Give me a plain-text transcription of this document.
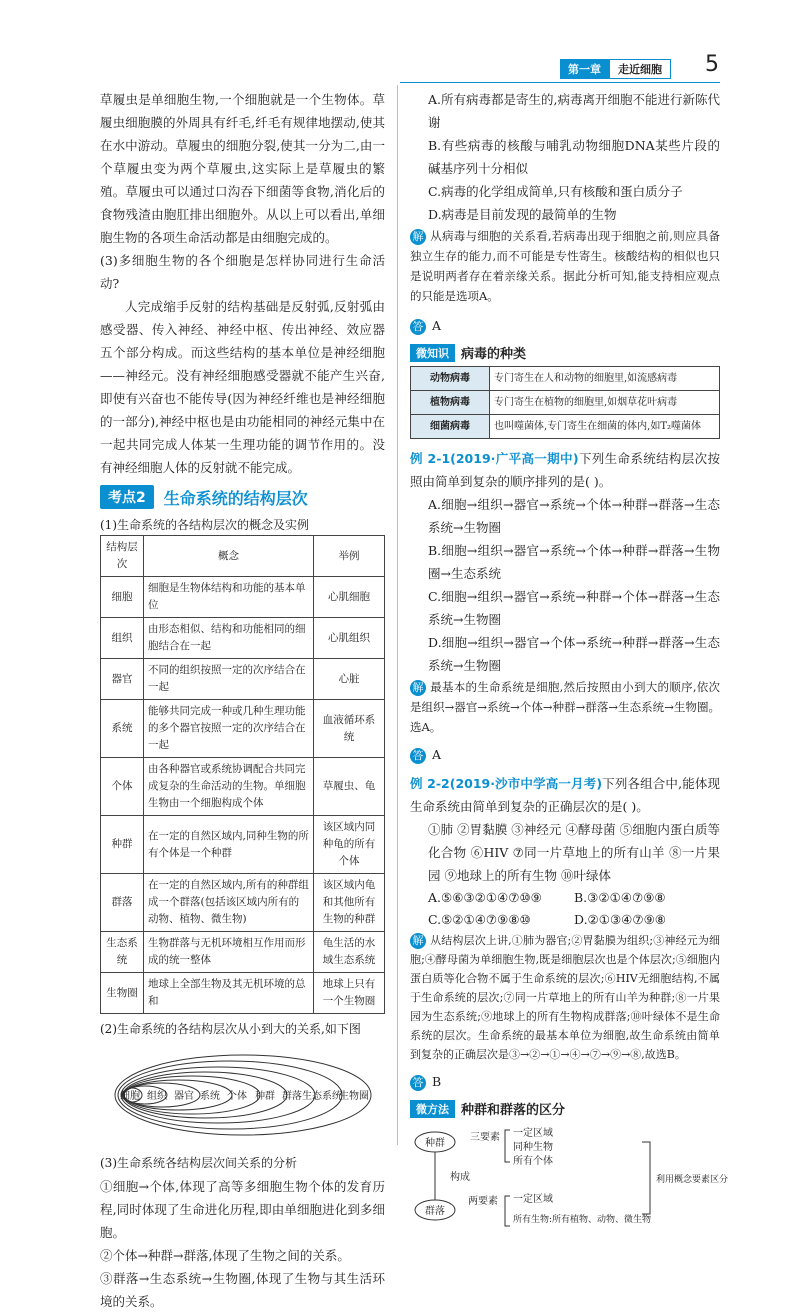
第一章	走近细胞	5

草履虫是单细胞生物,一个细胞就是一个生物体。草履虫细胞膜的外周具有纤毛,纤毛有规律地摆动,使其在水中游动。草履虫的细胞分裂,使其一分为二,由一个草履虫变为两个草履虫,这实际上是草履虫的繁殖。草履虫可以通过口沟吞下细菌等食物,消化后的食物残渣由胞肛排出细胞外。从以上可以看出,单细胞生物的各项生命活动都是由细胞完成的。

(3)多细胞生物的各个细胞是怎样协同进行生命活动?

人完成缩手反射的结构基础是反射弧,反射弧由感受器、传入神经、神经中枢、传出神经、效应器五个部分构成。而这些结构的基本单位是神经细胞——神经元。没有神经细胞感受器就不能产生兴奋,即使有兴奋也不能传导(因为神经纤维也是神经细胞的一部分),神经中枢也是由功能相同的神经元集中在一起共同完成人体某一生理功能的调节作用的。没有神经细胞人体的反射就不能完成。

考点2	生命系统的结构层次

(1)生命系统的各结构层次的概念及实例

结构层次	概念	举例
细胞	细胞是生物体结构和功能的基本单位	心肌细胞
组织	由形态相似、结构和功能相同的细胞结合在一起	心肌组织
器官	不同的组织按照一定的次序结合在一起	心脏
系统	能够共同完成一种或几种生理功能的多个器官按照一定的次序结合在一起	血液循环系统
个体	由各种器官或系统协调配合共同完成复杂的生命活动的生物。单细胞生物由一个细胞构成个体	草履虫、龟
种群	在一定的自然区域内,同种生物的所有个体是一个种群	该区域内同种龟的所有个体
群落	在一定的自然区域内,所有的种群组成一个群落(包括该区域内所有的动物、植物、微生物)	该区域内龟和其他所有生物的种群
生态系统	生物群落与无机环境相互作用而形成的统一整体	龟生活的水域生态系统
生物圈	地球上全部生物及其无机环境的总和	地球上只有一个生物圈

(2)生命系统的各结构层次从小到大的关系,如下图

细胞 组织 器官 系统 个体 种群 群落 生态系统
生物圈

(3)生命系统各结构层次间关系的分析

①细胞→个体,体现了高等多细胞生物个体的发育历程,同时体现了生命进化历程,即由单细胞进化到多细胞。

②个体→种群→群落,体现了生物之间的关系。

③群落→生态系统→生物圈,体现了生物与其生活环境的关系。

A.所有病毒都是寄生的,病毒离开细胞不能进行新陈代谢

B.有些病毒的核酸与哺乳动物细胞DNA某些片段的碱基序列十分相似

C.病毒的化学组成简单,只有核酸和蛋白质分子

D.病毒是目前发现的最简单的生物

解 从病毒与细胞的关系看,若病毒出现于细胞之前,则应具备独立生存的能力,而不可能是专性寄生。核酸结构的相似也只是说明两者存在着亲缘关系。据此分析可知,能支持相应观点的只能是选项A。

答 A

微知识 病毒的种类
动物病毒	专门寄生在人和动物的细胞里,如流感病毒
植物病毒	专门寄生在植物的细胞里,如烟草花叶病毒
细菌病毒	也叫噬菌体,专门寄生在细菌的体内,如T₂噬菌体

例 2-1(2019·广平高一期中)下列生命系统结构层次按照由简单到复杂的顺序排列的是( )。

A.细胞→组织→器官→系统→个体→种群→群落→生态系统→生物圈

B.细胞→组织→器官→系统→个体→种群→群落→生物圈→生态系统

C.细胞→组织→器官→系统→种群→个体→群落→生态系统→生物圈

D.细胞→组织→器官→个体→系统→种群→群落→生态系统→生物圈

解 最基本的生命系统是细胞,然后按照由小到大的顺序,依次是组织→器官→系统→个体→种群→群落→生态系统→生物圈。选A。

答 A

例 2-2(2019·沙市中学高一月考)下列各组合中,能体现生命系统由简单到复杂的正确层次的是( )。

①肺 ②胃黏膜 ③神经元 ④酵母菌 ⑤细胞内蛋白质等化合物 ⑥HIV ⑦同一片草地上的所有山羊 ⑧一片果园 ⑨地球上的所有生物 ⑩叶绿体

A.⑤⑥③②①④⑦⑩⑨	B.③②①④⑦⑨⑧
C.⑤②①④⑦⑨⑧⑩	D.②①③④⑦⑨⑧

解 从结构层次上讲,①肺为器官;②胃黏膜为组织;③神经元为细胞;④酵母菌为单细胞生物,既是细胞层次也是个体层次;⑤细胞内蛋白质等化合物不属于生命系统的层次;⑥HIV无细胞结构,不属于生命系统的层次;⑦同一片草地上的所有山羊为种群;⑧一片果园为生态系统;⑨地球上的所有生物构成群落;⑩叶绿体不是生命系统的层次。生命系统的最基本单位为细胞,故生命系统由简单到复杂的正确层次是③→②→①→④→⑦→⑨→⑧,故选B。

答 B

微方法 种群和群落的区分
种群
群落
构成
三要素
两要素
一定区域
同种生物
所有个体
一定区域
所有生物:所有植物、动物、微生物
利用概念要素区分
